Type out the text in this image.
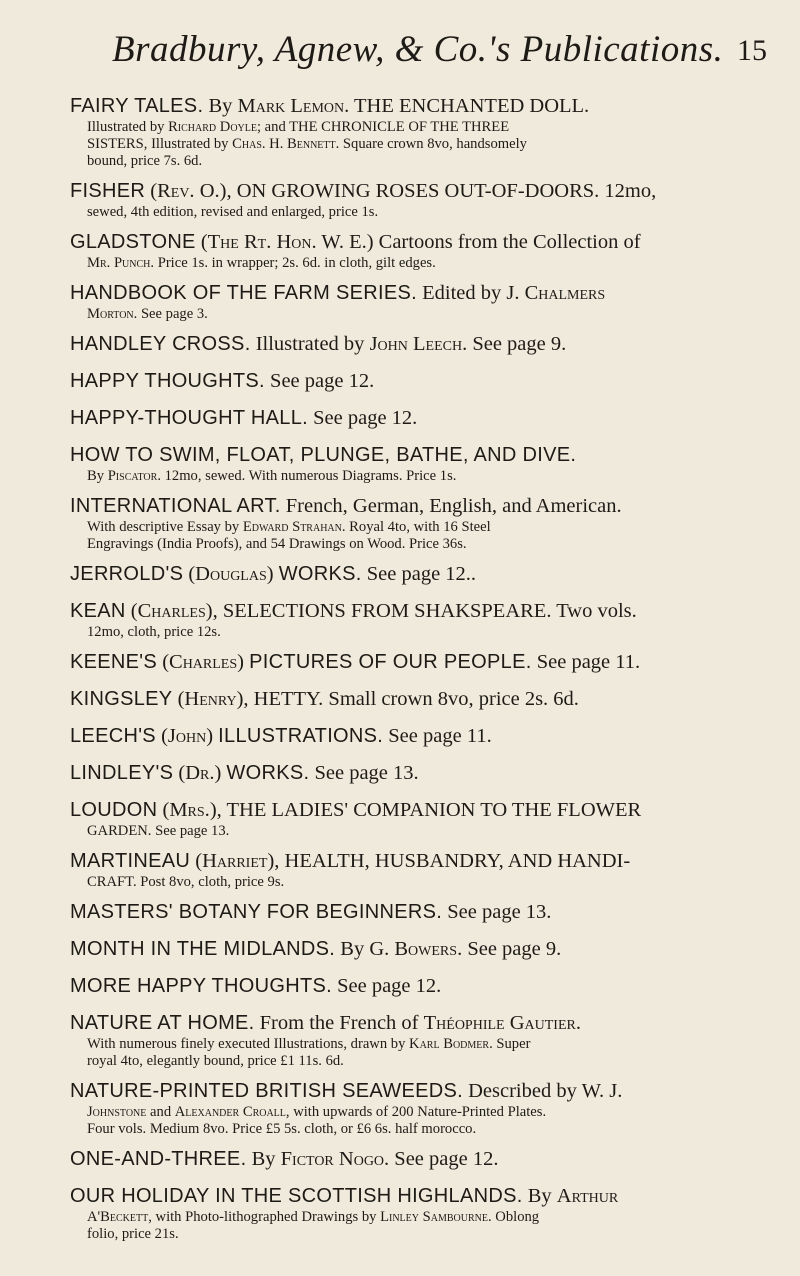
Bradbury, Agnew, & Co.'s Publications. 15
FAIRY TALES. By Mark Lemon. THE ENCHANTED DOLL.
Illustrated by Richard Doyle; and THE CHRONICLE OF THE THREE
SISTERS, Illustrated by Chas. H. Bennett. Square crown 8vo, handsomely
bound, price 7s. 6d.
FISHER (Rev. O.), ON GROWING ROSES OUT-OF-DOORS. 12mo,
sewed, 4th edition, revised and enlarged, price 1s.
GLADSTONE (The Rt. Hon. W. E.) Cartoons from the Collection of
Mr. Punch. Price 1s. in wrapper; 2s. 6d. in cloth, gilt edges.
HANDBOOK OF THE FARM SERIES. Edited by J. Chalmers
Morton. See page 3.
HANDLEY CROSS. Illustrated by John Leech. See page 9.
HAPPY THOUGHTS. See page 12.
HAPPY-THOUGHT HALL. See page 12.
HOW TO SWIM, FLOAT, PLUNGE, BATHE, AND DIVE.
By Piscator. 12mo, sewed. With numerous Diagrams. Price 1s.
INTERNATIONAL ART. French, German, English, and American.
With descriptive Essay by Edward Strahan. Royal 4to, with 16 Steel
Engravings (India Proofs), and 54 Drawings on Wood. Price 36s.
JERROLD'S (Douglas) WORKS. See page 12..
KEAN (Charles), SELECTIONS FROM SHAKSPEARE. Two vols.
12mo, cloth, price 12s.
KEENE'S (Charles) PICTURES OF OUR PEOPLE. See page 11.
KINGSLEY (Henry), HETTY. Small crown 8vo, price 2s. 6d.
LEECH'S (John) ILLUSTRATIONS. See page 11.
LINDLEY'S (Dr.) WORKS. See page 13.
LOUDON (Mrs.), THE LADIES' COMPANION TO THE FLOWER
GARDEN. See page 13.
MARTINEAU (Harriet), HEALTH, HUSBANDRY, AND HANDI-
CRAFT. Post 8vo, cloth, price 9s.
MASTERS' BOTANY FOR BEGINNERS. See page 13.
MONTH IN THE MIDLANDS. By G. Bowers. See page 9.
MORE HAPPY THOUGHTS. See page 12.
NATURE AT HOME. From the French of Théophile Gautier.
With numerous finely executed Illustrations, drawn by Karl Bodmer. Super
royal 4to, elegantly bound, price £1 11s. 6d.
NATURE-PRINTED BRITISH SEAWEEDS. Described by W. J.
Johnstone and Alexander Croall, with upwards of 200 Nature-Printed Plates.
Four vols. Medium 8vo. Price £5 5s. cloth, or £6 6s. half morocco.
ONE-AND-THREE. By Fictor Nogo. See page 12.
OUR HOLIDAY IN THE SCOTTISH HIGHLANDS. By Arthur
A'Beckett, with Photo-lithographed Drawings by Linley Sambourne. Oblong
folio, price 21s.
